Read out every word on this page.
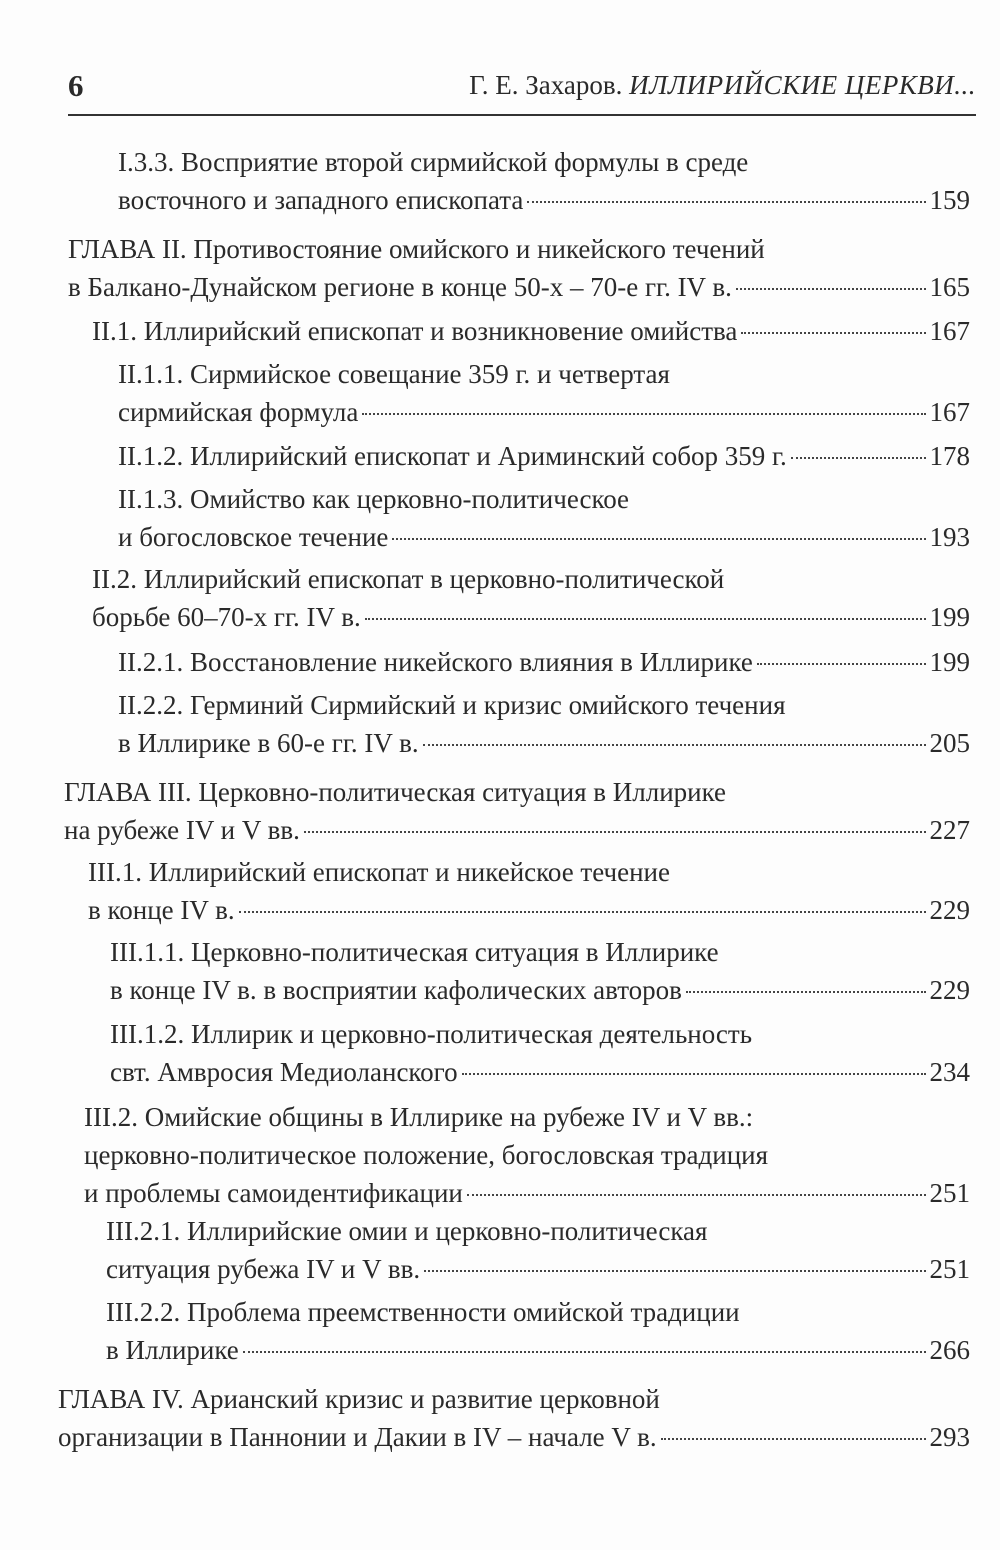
6	Г. Е. Захаров. ИЛЛИРИЙСКИЕ ЦЕРКВИ...
I.3.3. Восприятие второй сирмийской формулы в среде
восточного и западного епископата	159
ГЛАВА II. Противостояние омийского и никейского течений
в Балкано-Дунайском регионе в конце 50-х – 70-е гг. IV в.	165
II.1. Иллирийский епископат и возникновение омийства	167
II.1.1. Сирмийское совещание 359 г. и четвертая
сирмийская формула	167
II.1.2. Иллирийский епископат и Ариминский собор 359 г.	178
II.1.3. Омийство как церковно-политическое
и богословское течение	193
II.2. Иллирийский епископат в церковно-политической
борьбе 60–70-х гг. IV в.	199
II.2.1. Восстановление никейского влияния в Иллирике	199
II.2.2. Герминий Сирмийский и кризис омийского течения
в Иллирике в 60-е гг. IV в.	205
ГЛАВА III. Церковно-политическая ситуация в Иллирике
на рубеже IV и V вв.	227
III.1. Иллирийский епископат и никейское течение
в конце IV в.	229
III.1.1. Церковно-политическая ситуация в Иллирике
в конце IV в. в восприятии кафолических авторов	229
III.1.2. Иллирик и церковно-политическая деятельность
свт. Амвросия Медиоланского	234
III.2. Омийские общины в Иллирике на рубеже IV и V вв.:
церковно-политическое положение, богословская традиция
и проблемы самоидентификации	251
III.2.1. Иллирийские омии и церковно-политическая
ситуация рубежа IV и V вв.	251
III.2.2. Проблема преемственности омийской традиции
в Иллирике	266
ГЛАВА IV. Арианский кризис и развитие церковной
организации в Паннонии и Дакии в IV – начале V в.	293
